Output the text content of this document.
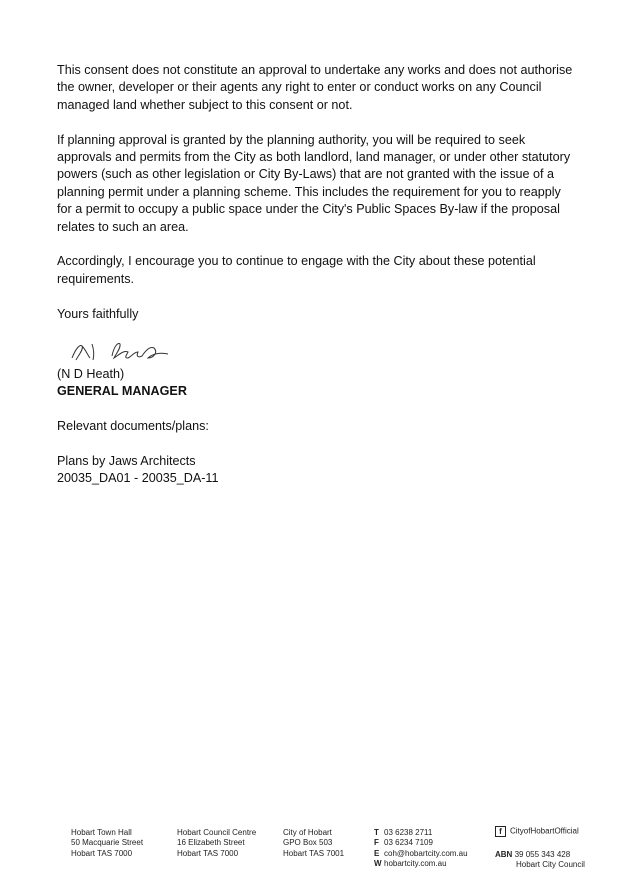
This consent does not constitute an approval to undertake any works and does not authorise the owner, developer or their agents any right to enter or conduct works on any Council managed land whether subject to this consent or not.

If planning approval is granted by the planning authority, you will be required to seek approvals and permits from the City as both landlord, land manager, or under other statutory powers (such as other legislation or City By-Laws) that are not granted with the issue of a planning permit under a planning scheme. This includes the requirement for you to reapply for a permit to occupy a public space under the City's Public Spaces By-law if the proposal relates to such an area.

Accordingly, I encourage you to continue to engage with the City about these potential requirements.

Yours faithfully

(N D Heath)
GENERAL MANAGER
Relevant documents/plans:
Plans by Jaws Architects
20035_DA01 - 20035_DA-11
Hobart Town Hall
50 Macquarie Street
Hobart TAS 7000
Hobart Council Centre
16 Elizabeth Street
Hobart TAS 7000
City of Hobart
GPO Box 503
Hobart TAS 7001
T 03 6238 2711
F 03 6234 7109
E coh@hobartcity.com.au
W hobartcity.com.au
f CityofHobartOfficial
ABN 39 055 343 428
Hobart City Council
